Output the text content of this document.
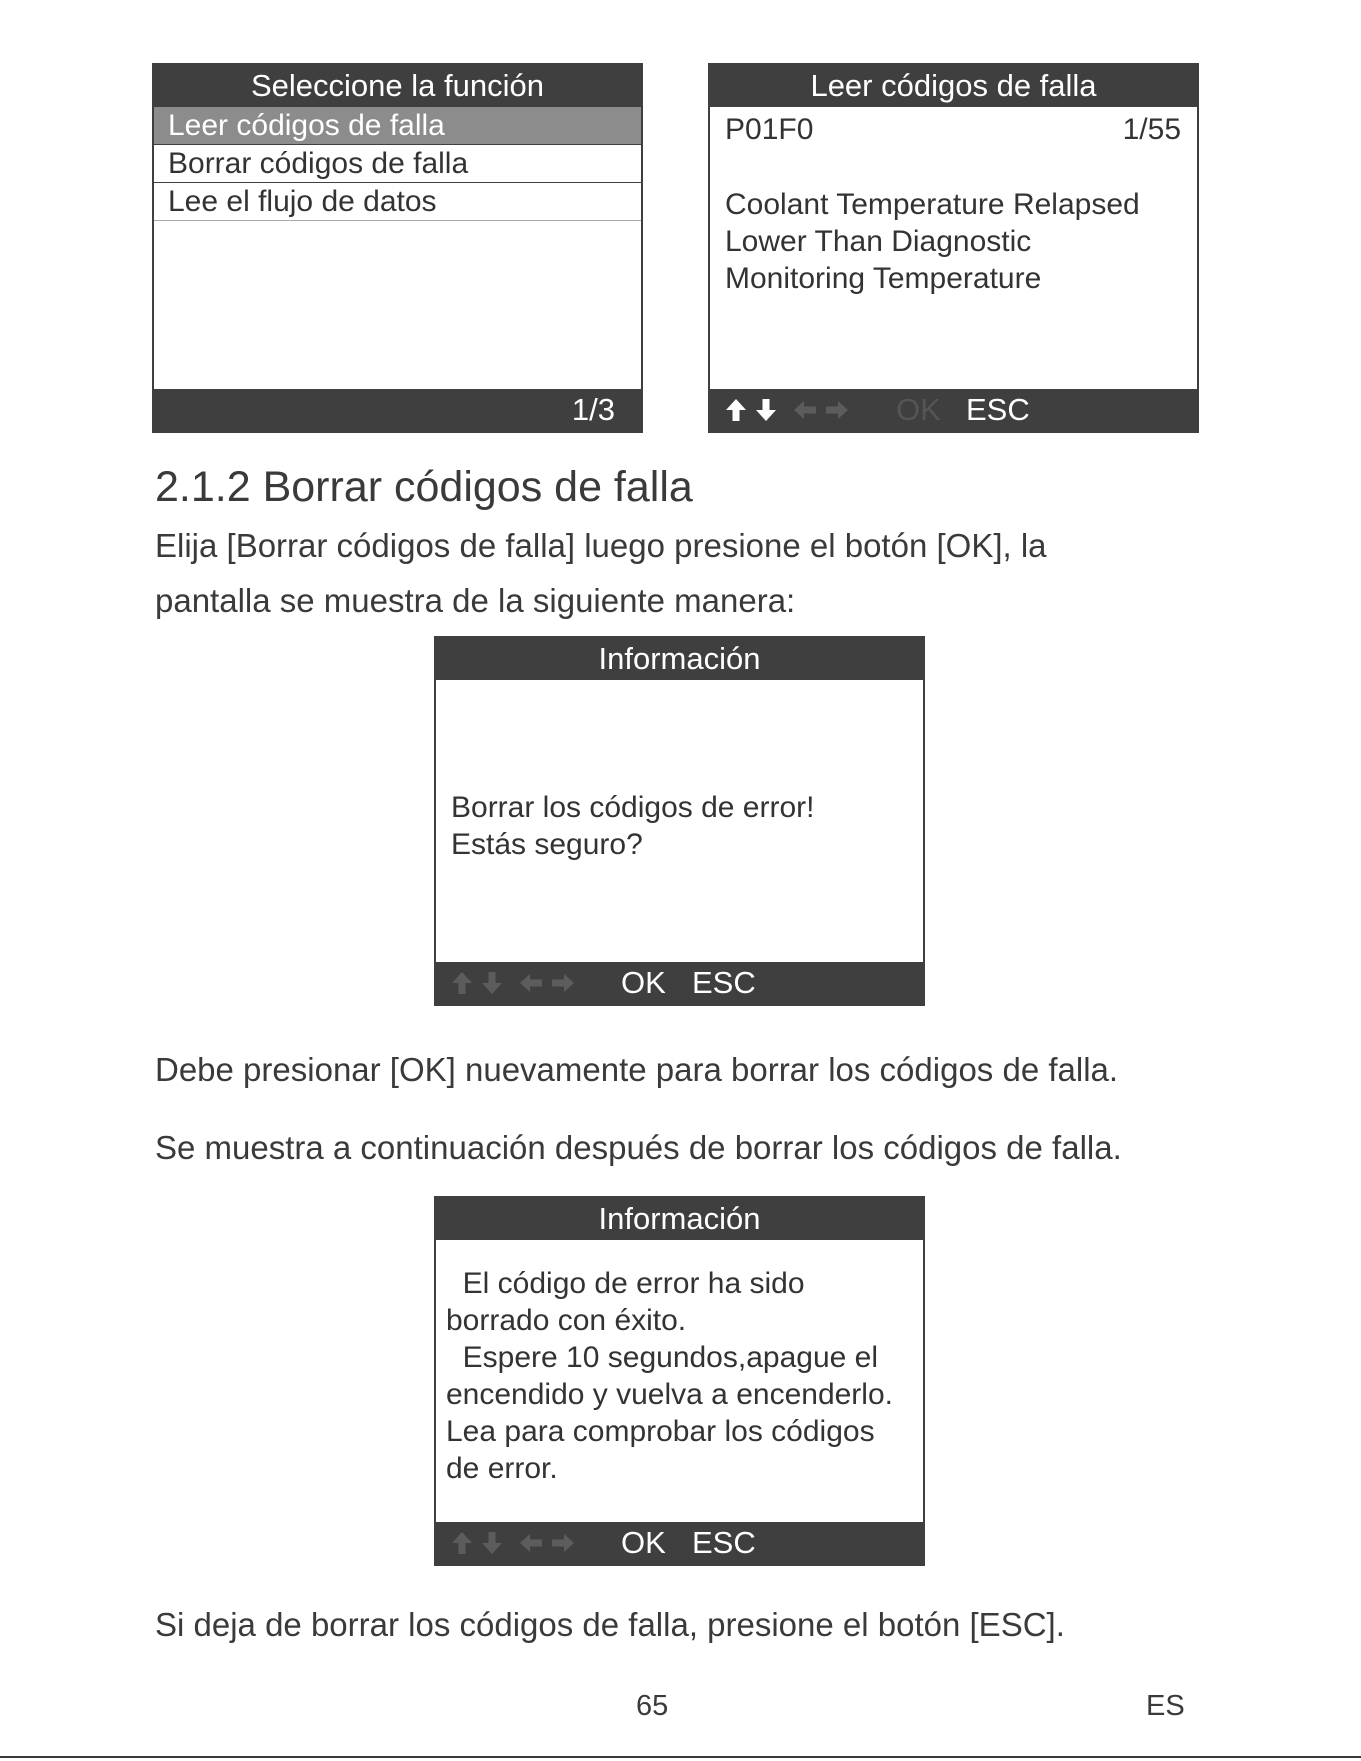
Seleccione la función
Leer códigos de falla
Borrar códigos de falla
Lee el flujo de datos
1/3
Leer códigos de falla
P01F0	1/55
Coolant Temperature Relapsed
Lower Than Diagnostic
Monitoring Temperature
OK ESC
2.1.2 Borrar códigos de falla
Elija [Borrar códigos de falla] luego presione el botón [OK], la
pantalla se muestra de la siguiente manera:
Información
Borrar los códigos de error!
Estás seguro?
OK ESC
Debe presionar [OK] nuevamente para borrar los códigos de falla.
Se muestra a continuación después de borrar los códigos de falla.
Información
El código de error ha sido
borrado con éxito.
Espere 10 segundos,apague el
encendido y vuelva a encenderlo.
Lea para comprobar los códigos
de error.
OK ESC
Si deja de borrar los códigos de falla, presione el botón [ESC].
65	ES
